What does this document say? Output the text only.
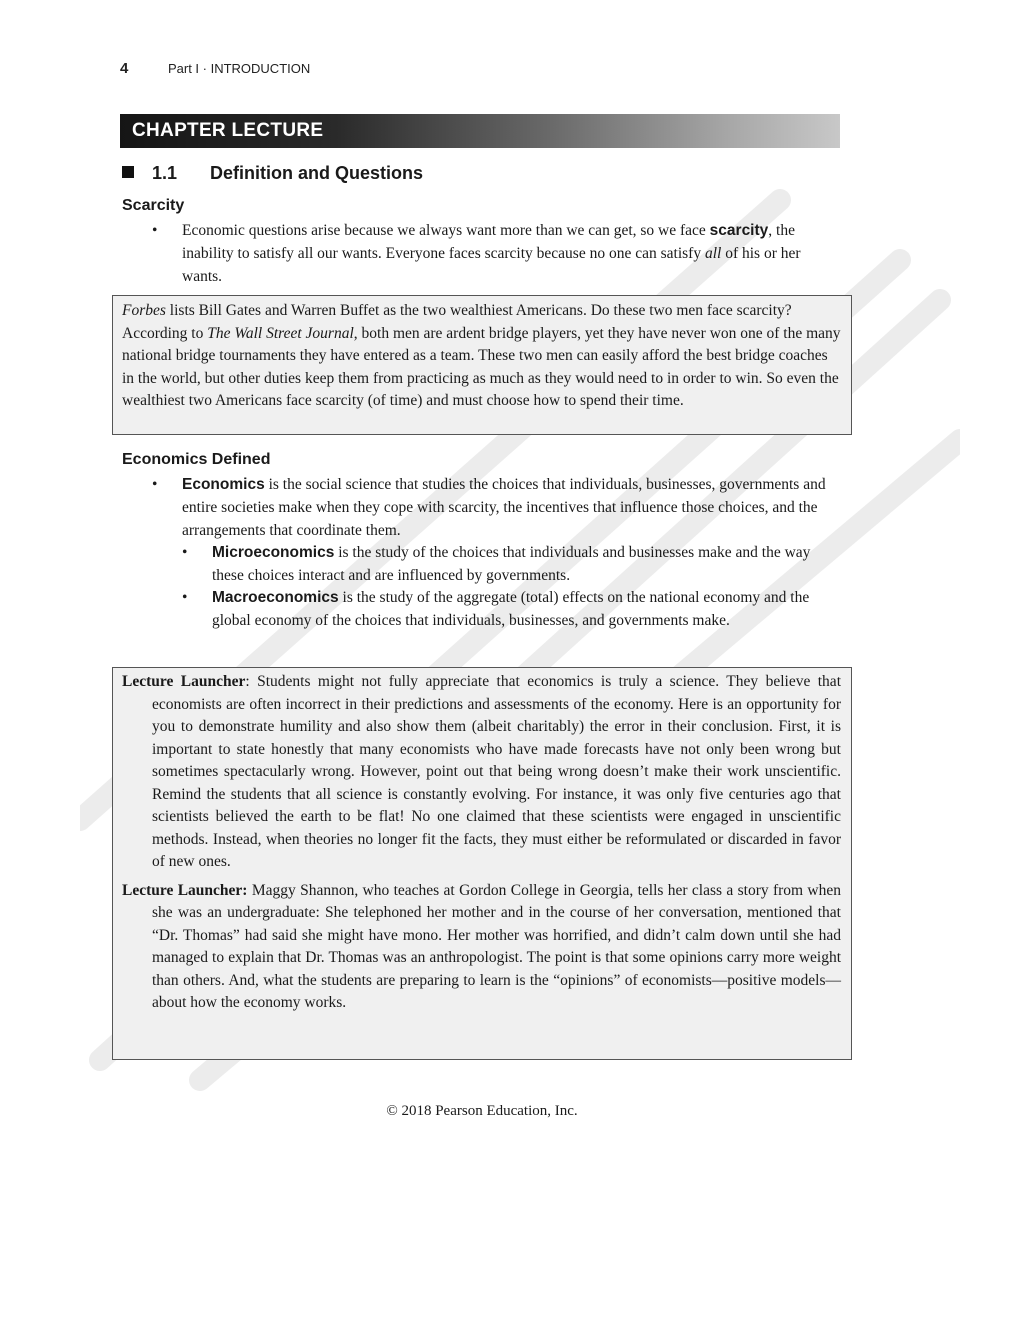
4	Part I · INTRODUCTION
CHAPTER LECTURE
1.1 Definition and Questions
Scarcity
• Economic questions arise because we always want more than we can get, so we face scarcity, the inability to satisfy all our wants. Everyone faces scarcity because no one can satisfy all of his or her wants.

Forbes lists Bill Gates and Warren Buffet as the two wealthiest Americans. Do these two men face scarcity? According to The Wall Street Journal, both men are ardent bridge players, yet they have never won one of the many national bridge tournaments they have entered as a team. These two men can easily afford the best bridge coaches in the world, but other duties keep them from practicing as much as they would need to in order to win. So even the wealthiest two Americans face scarcity (of time) and must choose how to spend their time.

Economics Defined
• Economics is the social science that studies the choices that individuals, businesses, governments and entire societies make when they cope with scarcity, the incentives that influence those choices, and the arrangements that coordinate them.
• Microeconomics is the study of the choices that individuals and businesses make and the way these choices interact and are influenced by governments.
• Macroeconomics is the study of the aggregate (total) effects on the national economy and the global economy of the choices that individuals, businesses, and governments make.

Lecture Launcher: Students might not fully appreciate that economics is truly a science. They believe that economists are often incorrect in their predictions and assessments of the economy. Here is an opportunity for you to demonstrate humility and also show them (albeit charitably) the error in their conclusion. First, it is important to state honestly that many economists who have made forecasts have not only been wrong but sometimes spectacularly wrong. However, point out that being wrong doesn’t make their work unscientific. Remind the students that all science is constantly evolving. For instance, it was only five centuries ago that scientists believed the earth to be flat! No one claimed that these scientists were engaged in unscientific methods. Instead, when theories no longer fit the facts, they must either be reformulated or discarded in favor of new ones.

Lecture Launcher: Maggy Shannon, who teaches at Gordon College in Georgia, tells her class a story from when she was an undergraduate: She telephoned her mother and in the course of her conversation, mentioned that “Dr. Thomas” had said she might have mono. Her mother was horrified, and didn’t calm down until she had managed to explain that Dr. Thomas was an anthropologist. The point is that some opinions carry more weight than others. And, what the students are preparing to learn is the “opinions” of economists—positive models—about how the economy works.

© 2018 Pearson Education, Inc.
